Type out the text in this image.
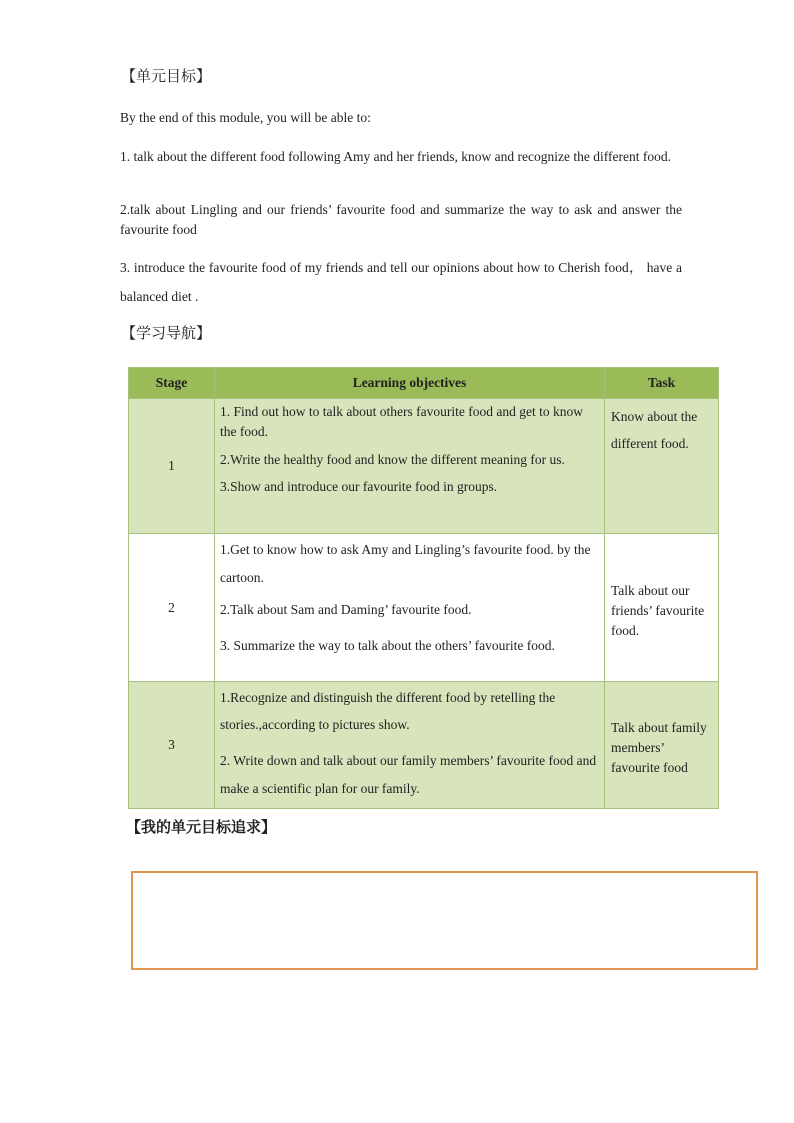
【单元目标】
By the end of this module, you will be able to:
1. talk about the different food following Amy and her friends, know and recognize the different food.
2.talk about Lingling and our friends’ favourite food and summarize the way to ask and answer the favourite food
3. introduce the favourite food of my friends and tell our opinions about how to Cherish food， have a balanced diet .
【学习导航】
Stage	Learning objectives	Task
1	1. Find out how to talk about others favourite food and get to know the food.

2.Write the healthy food and know the different meaning for us.

3.Show and introduce our favourite food in groups.	Know about the different food.
2	1.Get to know how to ask Amy and Lingling’s favourite food. by the cartoon.

2.Talk about Sam and Daming’ favourite food.

3. Summarize the way to talk about the others’ favourite food.	Talk about our friends’ favourite food.
3	1.Recognize and distinguish the different food by retelling the stories.,according to pictures show.

2. Write down and talk about our family members’ favourite food and make a scientific plan for our family.	Talk about family members’ favourite food
【我的单元目标追求】
